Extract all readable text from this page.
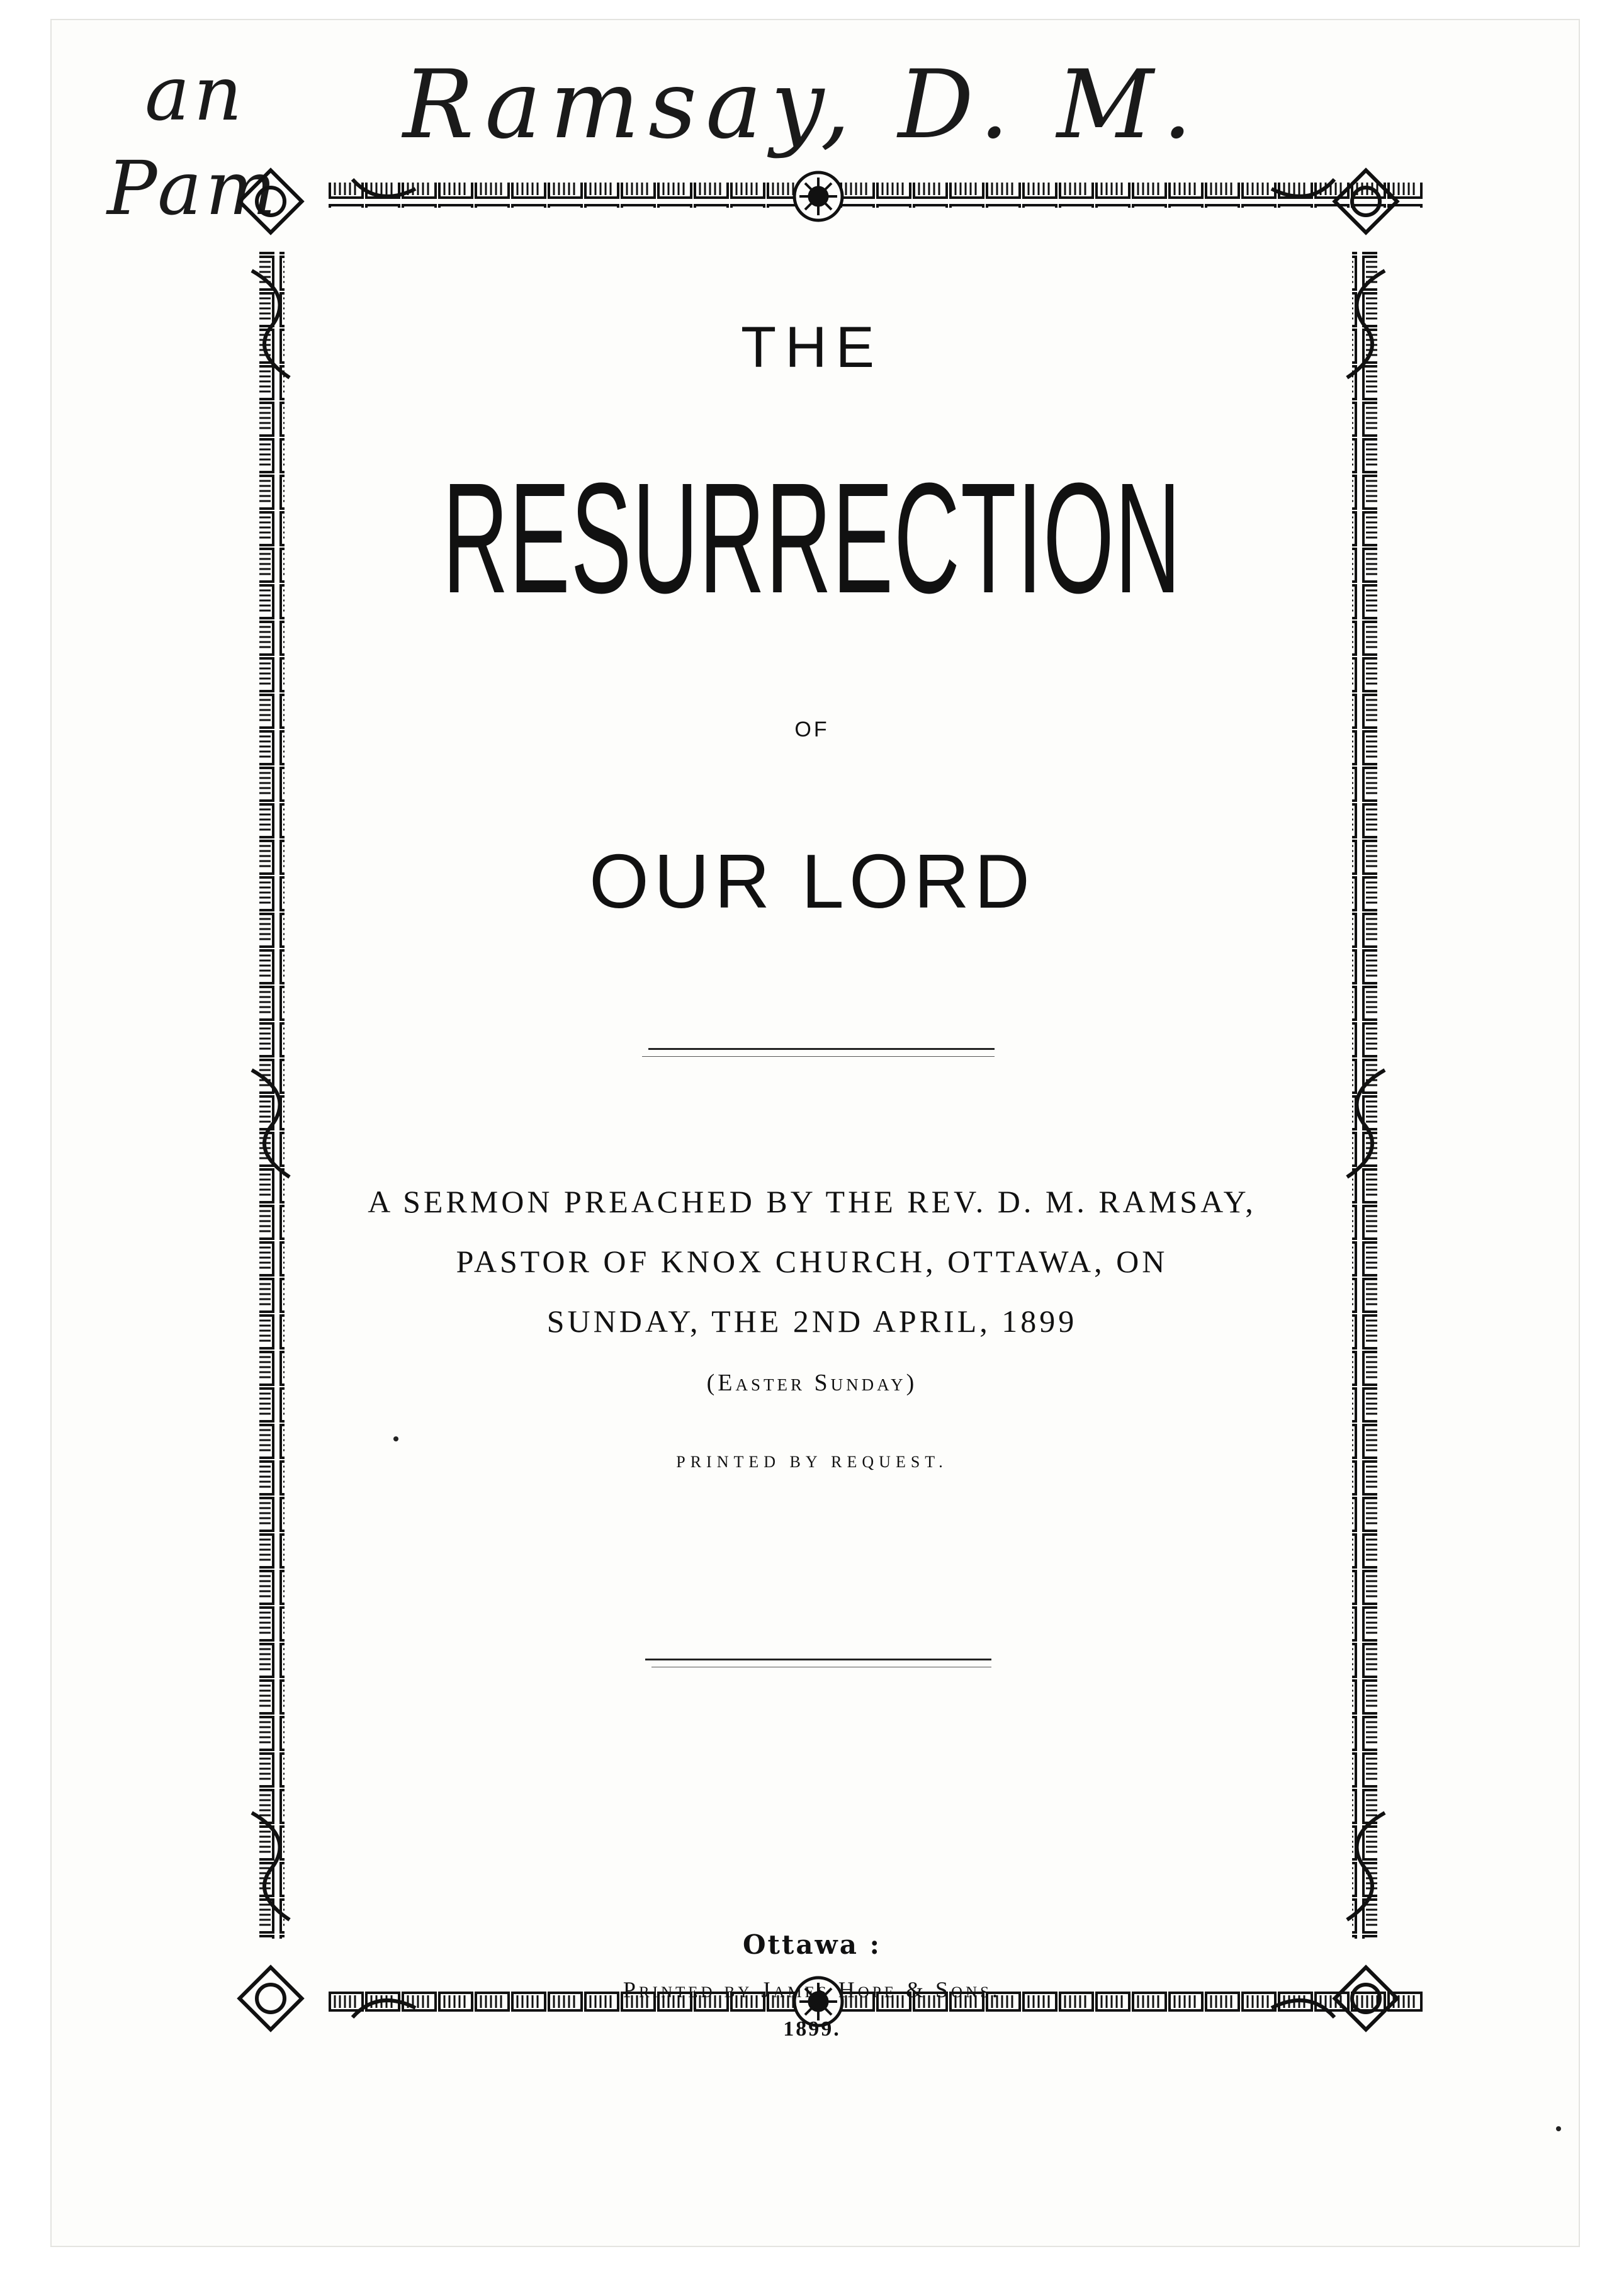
an
Pam
Ramsay, D. M.
THE
RESURRECTION
OF
OUR LORD
A SERMON PREACHED BY THE REV. D. M. RAMSAY,
PASTOR OF KNOX CHURCH, OTTAWA, ON
SUNDAY, THE 2ND APRIL, 1899
(Easter Sunday)
PRINTED BY REQUEST.
Ottawa :
Printed by James Hope & Sons.
1899.
